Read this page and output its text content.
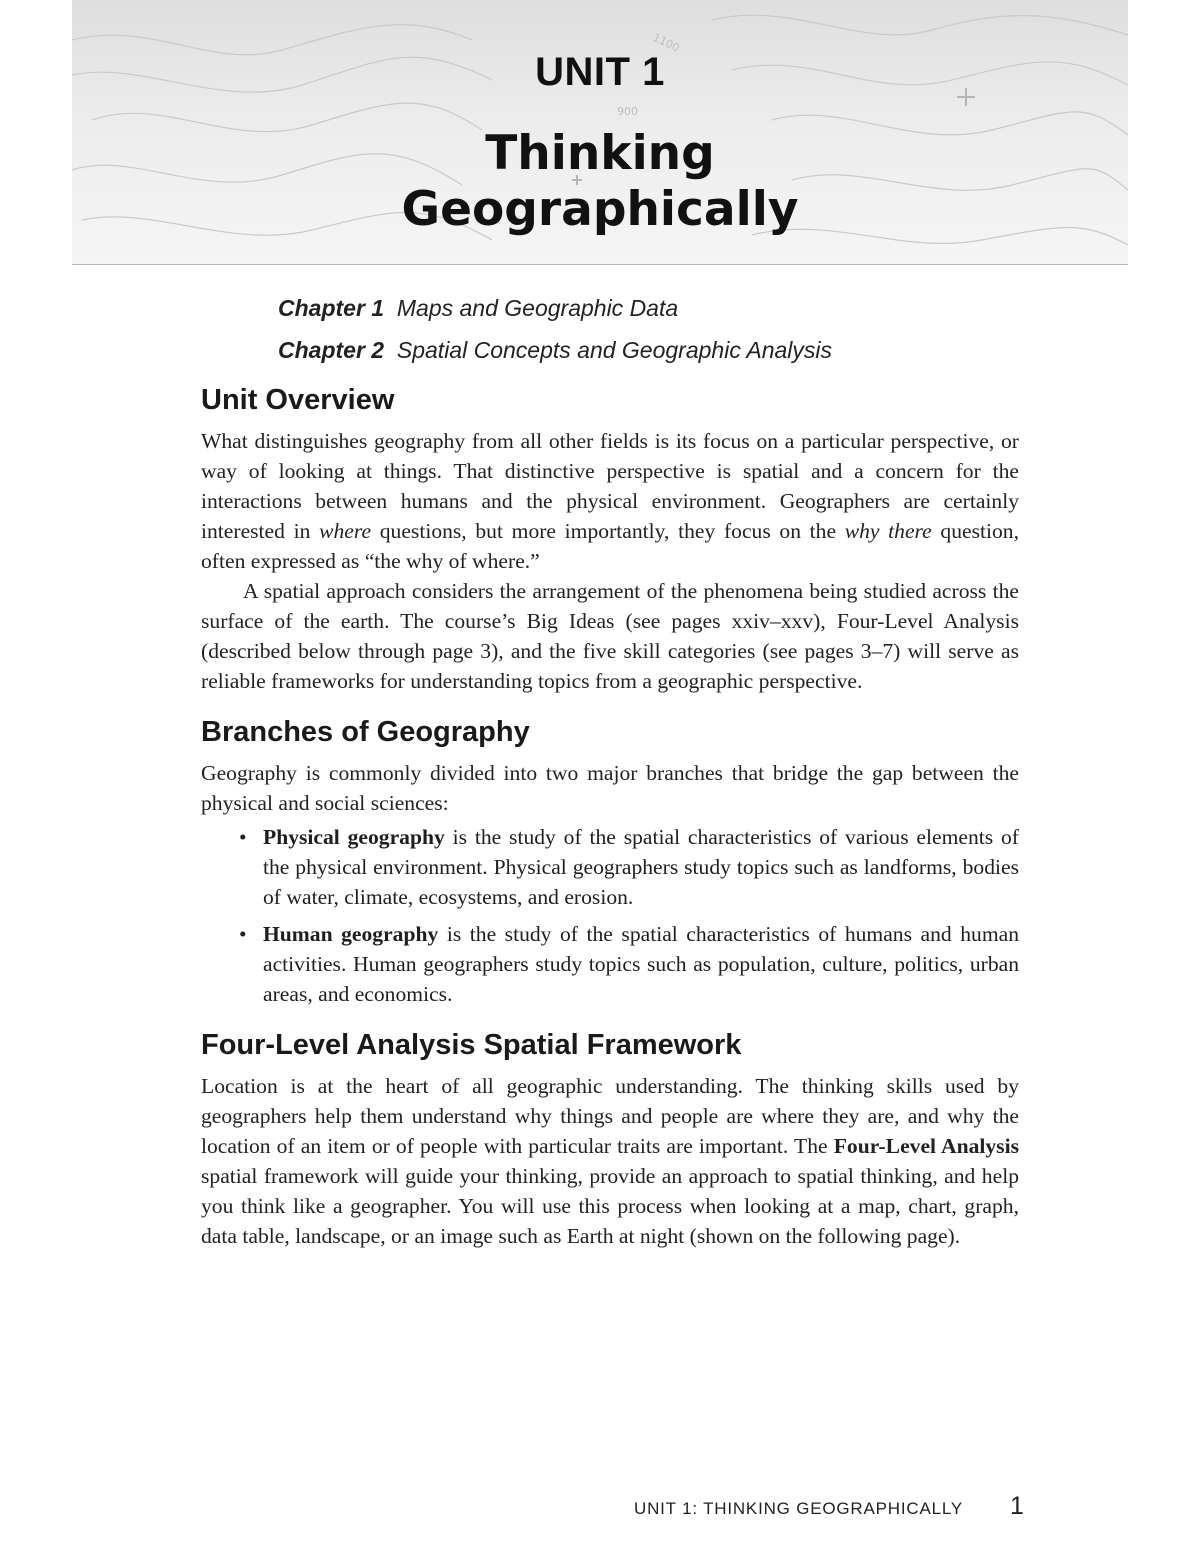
900
1100
UNIT 1
Thinking
Geographically
Chapter 1 Maps and Geographic Data
Chapter 2 Spatial Concepts and Geographic Analysis
Unit Overview

What distinguishes geography from all other fields is its focus on a particular perspective, or way of looking at things. That distinctive perspective is spatial and a concern for the interactions between humans and the physical environment. Geographers are certainly interested in where questions, but more importantly, they focus on the why there question, often expressed as “the why of where.”

A spatial approach considers the arrangement of the phenomena being studied across the surface of the earth. The course’s Big Ideas (see pages xxiv–xxv), Four-Level Analysis (described below through page 3), and the five skill categories (see pages 3–7) will serve as reliable frameworks for understanding topics from a geographic perspective.

Branches of Geography

Geography is commonly divided into two major branches that bridge the gap between the physical and social sciences:

• Physical geography is the study of the spatial characteristics of various elements of the physical environment. Physical geographers study topics such as landforms, bodies of water, climate, ecosystems, and erosion.
• Human geography is the study of the spatial characteristics of humans and human activities. Human geographers study topics such as population, culture, politics, urban areas, and economics.
Four-Level Analysis Spatial Framework

Location is at the heart of all geographic understanding. The thinking skills used by geographers help them understand why things and people are where they are, and why the location of an item or of people with particular traits are important. The Four-Level Analysis spatial framework will guide your thinking, provide an approach to spatial thinking, and help you think like a geographer. You will use this process when looking at a map, chart, graph, data table, landscape, or an image such as Earth at night (shown on the following page).

UNIT 1: THINKING GEOGRAPHICALLY 1
